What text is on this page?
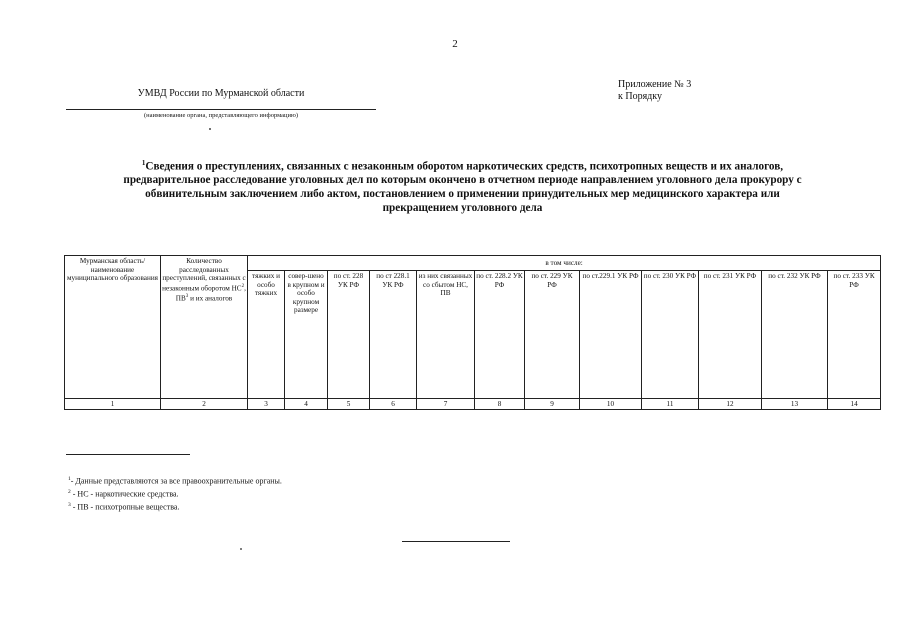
2
УМВД России по Мурманской области
(наименование органа, представляющего информацию)
Приложение № 3
к Порядку
$^1$Сведения о преступлениях, связанных с незаконным оборотом наркотических средств, психотропных веществ и их аналогов,
предварительное расследование уголовных дел по которым окончено в отчетном периоде направлением уголовного дела прокурору с
обвинительным заключением либо актом, постановлением о применении принудительных мер медицинского характера или
прекращением уголовного дела
Мурманская область/ наименование муниципального образования	Количество расследованных преступлений, связанных с незаконным оборотом $НС^2$, $ПВ^3$ и их аналогов	в том числе:											
		тяжких и особо тяжких	совер-шено в крупном и особо крупном размере	по ст. 228 УК РФ	по ст 228.1 УК РФ	из них связанных со сбытом НС, ПВ	по ст. 228.2 УК РФ	по ст. 229 УК РФ	по ст.229.1 УК РФ	по ст. 230 УК РФ	по ст. 231 УК РФ	по ст. 232 УК РФ	по ст. 233 УК РФ
1	2	3	4	5	6	7	8	9	10	11	12	13	14
$^1$- Данные представляются за все правоохранительные органы.
$^2$ - НС - наркотические средства.
$^3$ - ПВ - психотропные вещества.
